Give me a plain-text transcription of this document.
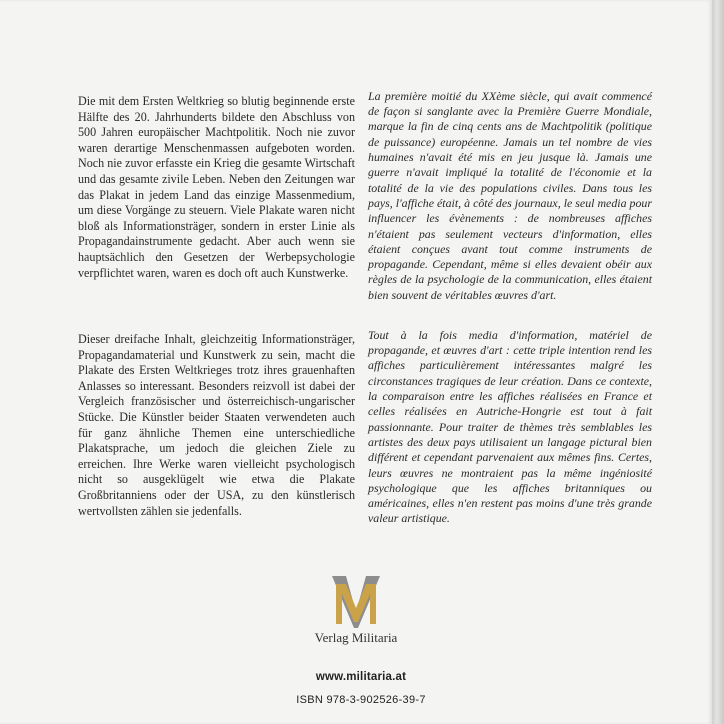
Die mit dem Ersten Weltkrieg so blutig beginnende erste Hälfte des 20. Jahrhunderts bildete den Abschluss von 500 Jahren europäischer Machtpolitik. Noch nie zuvor waren derartige Menschenmassen aufgeboten worden. Noch nie zuvor erfasste ein Krieg die gesamte Wirtschaft und das gesamte zivile Leben. Neben den Zeitungen war das Plakat in jedem Land das einzige Massenmedium, um diese Vorgänge zu steuern. Viele Plakate waren nicht bloß als Informationsträger, sondern in erster Linie als Propagandainstrumente gedacht. Aber auch wenn sie hauptsächlich den Gesetzen der Werbepsychologie verpflichtet waren, waren es doch oft auch Kunstwerke.

Dieser dreifache Inhalt, gleichzeitig Informationsträger, Propagandamaterial und Kunstwerk zu sein, macht die Plakate des Ersten Weltkrieges trotz ihres grauenhaften Anlasses so interessant. Besonders reizvoll ist dabei der Vergleich französischer und österreichisch-ungarischer Stücke. Die Künstler beider Staaten verwendeten auch für ganz ähnliche Themen eine unterschiedliche Plakatsprache, um jedoch die gleichen Ziele zu erreichen. Ihre Werke waren vielleicht psychologisch nicht so ausgeklügelt wie etwa die Plakate Großbritanniens oder der USA, zu den künstlerisch wertvollsten zählen sie jedenfalls.

La première moitié du XXème siècle, qui avait commencé de façon si sanglante avec la Première Guerre Mondiale, marque la fin de cinq cents ans de Machtpolitik (politique de puissance) européenne. Jamais un tel nombre de vies humaines n'avait été mis en jeu jusque là. Jamais une guerre n'avait impliqué la totalité de l'économie et la totalité de la vie des populations civiles. Dans tous les pays, l'affiche était, à côté des journaux, le seul media pour influencer les évènements : de nombreuses affiches n'étaient pas seulement vecteurs d'information, elles étaient conçues avant tout comme instruments de propagande. Cependant, même si elles devaient obéir aux règles de la psychologie de la communication, elles étaient bien souvent de véritables œuvres d'art.

Tout à la fois media d'information, matériel de propagande, et œuvres d'art : cette triple intention rend les affiches particulièrement intéressantes malgré les circonstances tragiques de leur création. Dans ce contexte, la comparaison entre les affiches réalisées en France et celles réalisées en Autriche-Hongrie est tout à fait passionnante. Pour traiter de thèmes très semblables les artistes des deux pays utilisaient un langage pictural bien différent et cependant parvenaient aux mêmes fins. Certes, leurs œuvres ne montraient pas la même ingéniosité psychologique que les affiches britanniques ou américaines, elles n'en restent pas moins d'une très grande valeur artistique.

Verlag Militaria
www.militaria.at
ISBN 978-3-902526-39-7
